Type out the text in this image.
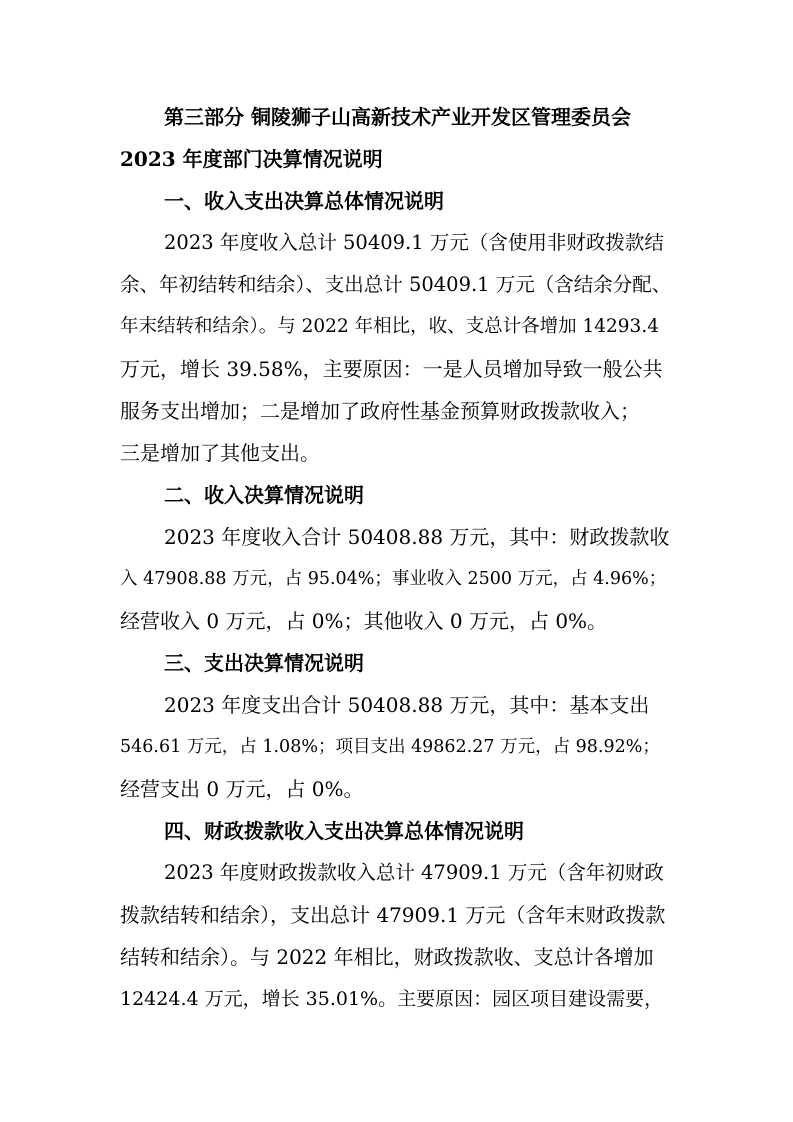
第三部分 铜陵狮子山高新技术产业开发区管理委员会
2023 年度部门决算情况说明
一、收入支出决算总体情况说明
2023 年度收入总计 50409.1 万元（含使用非财政拨款结
余、年初结转和结余）、支出总计 50409.1 万元（含结余分配、
年末结转和结余）。与 2022 年相比，收、支总计各增加 14293.4
万元，增长 39.58%，主要原因：一是人员增加导致一般公共
服务支出增加；二是增加了政府性基金预算财政拨款收入；
三是增加了其他支出。
二、收入决算情况说明
2023 年度收入合计 50408.88 万元，其中：财政拨款收
入 47908.88 万元，占 95.04%；事业收入 2500 万元，占 4.96%；
经营收入 0 万元，占 0%；其他收入 0 万元，占 0%。
三、支出决算情况说明
2023 年度支出合计 50408.88 万元，其中：基本支出
546.61 万元，占 1.08%；项目支出 49862.27 万元，占 98.92%；
经营支出 0 万元，占 0%。
四、财政拨款收入支出决算总体情况说明
2023 年度财政拨款收入总计 47909.1 万元（含年初财政
拨款结转和结余），支出总计 47909.1 万元（含年末财政拨款
结转和结余）。与 2022 年相比，财政拨款收、支总计各增加
12424.4 万元，增长 35.01%。主要原因：园区项目建设需要，
